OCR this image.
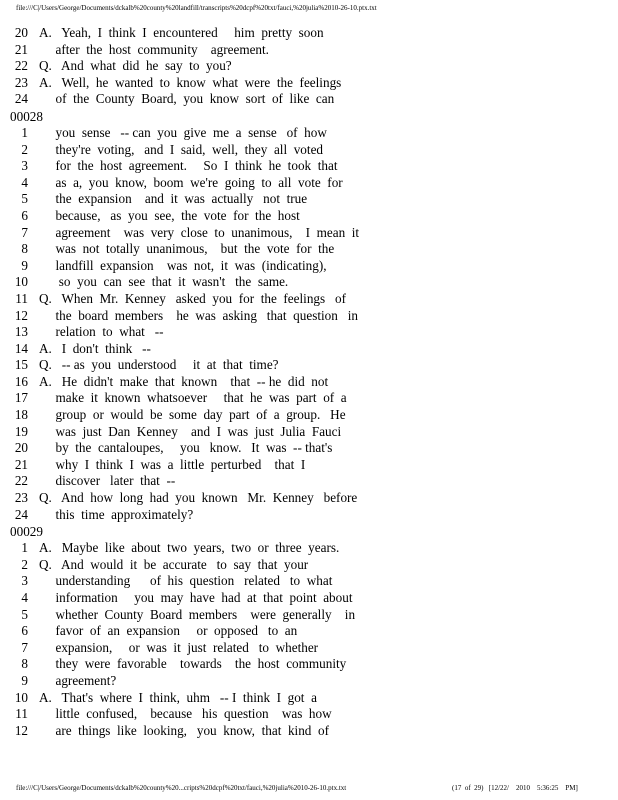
file:///C|/Users/George/Documents/dckalb%20county%20landfill/transcripts%20dcpf%20txt/fauci,%20julia%2010-26-10.ptx.txt
20 A.   Yeah,  I  think  I  encountered     him  pretty  soon
21 after  the  host  community    agreement.
22 Q.   And  what  did  he  say  to  you?
23 A.   Well,  he  wanted  to  know  what  were  the  feelings
24 of  the  County  Board,  you  know  sort  of  like  can
00028
1 you  sense   -- can  you  give  me  a  sense   of  how
2 they're  voting,   and  I  said,  well,  they  all  voted
3 for  the  host  agreement.     So  I  think  he  took  that
4 as  a,  you  know,  boom  we're  going  to  all  vote  for
5 the  expansion    and  it  was  actually   not  true
6 because,   as  you  see,  the  vote  for  the  host
7 agreement    was  very  close  to  unanimous,    I  mean  it
8 was  not  totally  unanimous,    but  the  vote  for  the
9 landfill  expansion    was  not,  it  was  (indicating),
10 so  you  can  see  that  it  wasn't   the  same.
11 Q.   When  Mr.  Kenney   asked  you  for  the  feelings   of
12 the  board  members    he  was  asking   that  question   in
13 relation  to  what   --
14 A.   I  don't  think   --
15 Q.   -- as  you  understood     it  at  that  time?
16 A.   He  didn't  make  that  known    that  -- he  did  not
17 make  it  known  whatsoever     that  he  was  part  of  a
18 group  or  would  be  some  day  part  of  a  group.   He
19 was  just  Dan  Kenney    and  I  was  just  Julia  Fauci
20 by  the  cantaloupes,     you   know.   It  was  -- that's
21 why  I  think  I  was  a  little  perturbed    that  I
22 discover   later  that  --
23 Q.   And  how  long  had  you  known   Mr.  Kenney   before
24 this  time  approximately?
00029
1 A.   Maybe  like  about  two  years,  two  or  three  years.
2 Q.   And  would  it  be  accurate   to  say  that  your
3 understanding      of  his  question   related   to  what
4 information     you  may  have  had  at  that  point  about
5 whether  County  Board  members    were  generally    in
6 favor  of  an  expansion     or  opposed   to  an
7 expansion,     or  was  it  just  related   to  whether
8 they  were  favorable    towards    the  host  community
9 agreement?
10 A.   That's  where  I  think,  uhm   -- I  think  I  got  a
11 little  confused,    because   his  question    was  how
12 are  things  like  looking,   you  know,  that  kind  of
file:///C|/Users/George/Documents/dckalb%20county%20...cripts%20dcpf%20txt/fauci,%20julia%2010-26-10.ptx.txt	(17  of  29)   [12/22/    2010    5:36:25    PM]
